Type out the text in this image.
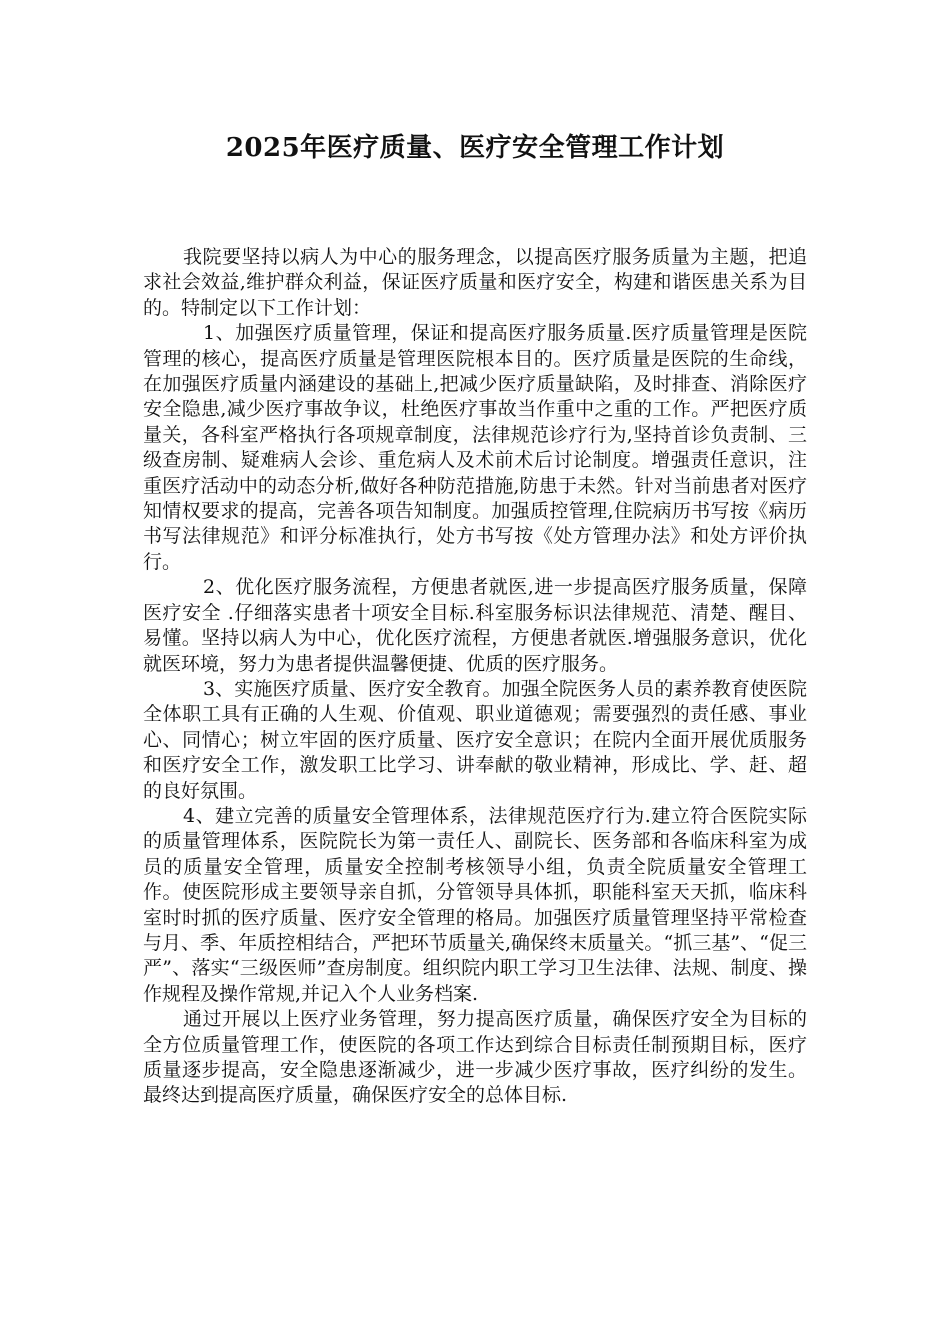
2025年医疗质量、医疗安全管理工作计划

我院要坚持以病人为中心的服务理念，以提高医疗服务质量为主题，把追求社会效益,维护群众利益，保证医疗质量和医疗安全，构建和谐医患关系为目的。特制定以下工作计划：

1、加强医疗质量管理，保证和提高医疗服务质量.医疗质量管理是医院管理的核心，提高医疗质量是管理医院根本目的。医疗质量是医院的生命线，在加强医疗质量内涵建设的基础上,把减少医疗质量缺陷，及时排查、消除医疗安全隐患,减少医疗事故争议，杜绝医疗事故当作重中之重的工作。严把医疗质量关，各科室严格执行各项规章制度，法律规范诊疗行为,坚持首诊负责制、三级查房制、疑难病人会诊、重危病人及术前术后讨论制度。增强责任意识，注重医疗活动中的动态分析,做好各种防范措施,防患于未然。针对当前患者对医疗知情权要求的提高，完善各项告知制度。加强质控管理,住院病历书写按《病历书写法律规范》和评分标准执行，处方书写按《处方管理办法》和处方评价执行。

2、优化医疗服务流程，方便患者就医,进一步提高医疗服务质量，保障医疗安全 .仔细落实患者十项安全目标.科室服务标识法律规范、清楚、醒目、易懂。坚持以病人为中心，优化医疗流程，方便患者就医.增强服务意识，优化就医环境，努力为患者提供温馨便捷、优质的医疗服务。

3、实施医疗质量、医疗安全教育。加强全院医务人员的素养教育使医院全体职工具有正确的人生观、价值观、职业道德观；需要强烈的责任感、事业心、同情心；树立牢固的医疗质量、医疗安全意识；在院内全面开展优质服务和医疗安全工作，激发职工比学习、讲奉献的敬业精神，形成比、学、赶、超的良好氛围。

4、建立完善的质量安全管理体系，法律规范医疗行为.建立符合医院实际的质量管理体系，医院院长为第一责任人、副院长、医务部和各临床科室为成员的质量安全管理，质量安全控制考核领导小组，负责全院质量安全管理工作。使医院形成主要领导亲自抓，分管领导具体抓，职能科室天天抓，临床科室时时抓的医疗质量、医疗安全管理的格局。加强医疗质量管理坚持平常检查与月、季、年质控相结合，严把环节质量关,确保终末质量关。“抓三基”、“促三严”、落实“三级医师”查房制度。组织院内职工学习卫生法律、法规、制度、操作规程及操作常规,并记入个人业务档案.

通过开展以上医疗业务管理，努力提高医疗质量，确保医疗安全为目标的全方位质量管理工作，使医院的各项工作达到综合目标责任制预期目标，医疗质量逐步提高，安全隐患逐渐减少，进一步减少医疗事故，医疗纠纷的发生。最终达到提高医疗质量，确保医疗安全的总体目标.
